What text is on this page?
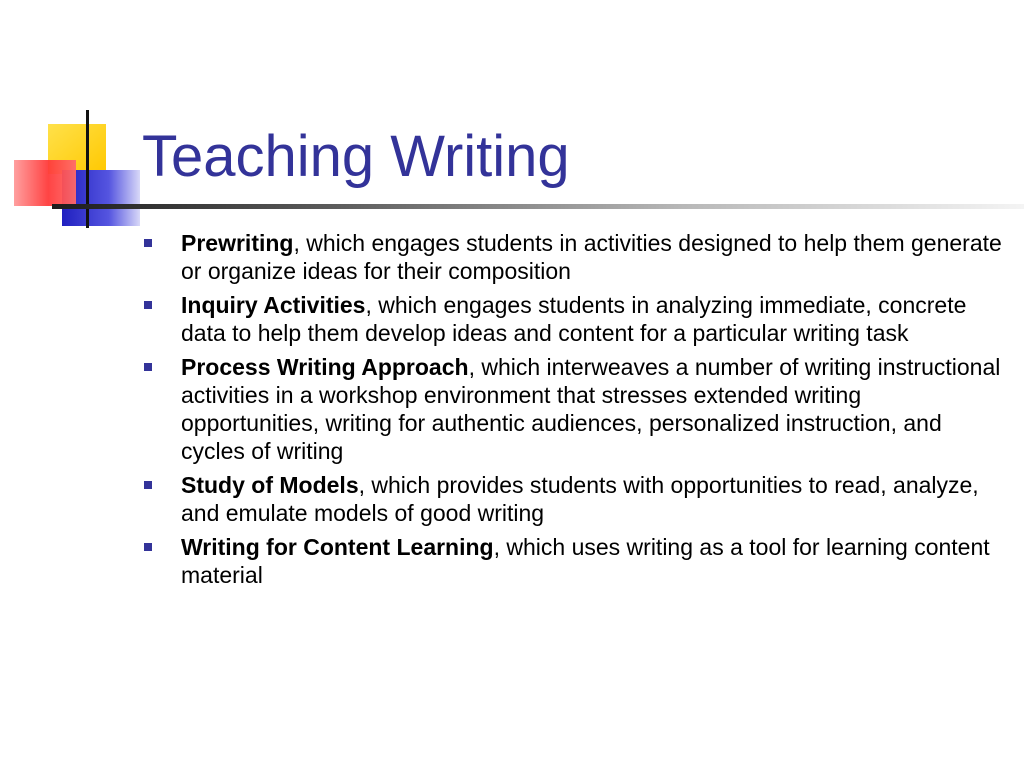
Teaching Writing
Prewriting, which engages students in activities designed to help them generate or organize ideas for their composition
Inquiry Activities, which engages students in analyzing immediate, concrete data to help them develop ideas and content for a particular writing task
Process Writing Approach, which interweaves a number of writing instructional activities in a workshop environment that stresses extended writing opportunities, writing for authentic audiences, personalized instruction, and cycles of writing
Study of Models, which provides students with opportunities to read, analyze, and emulate models of good writing
Writing for Content Learning, which uses writing as a tool for learning content material
